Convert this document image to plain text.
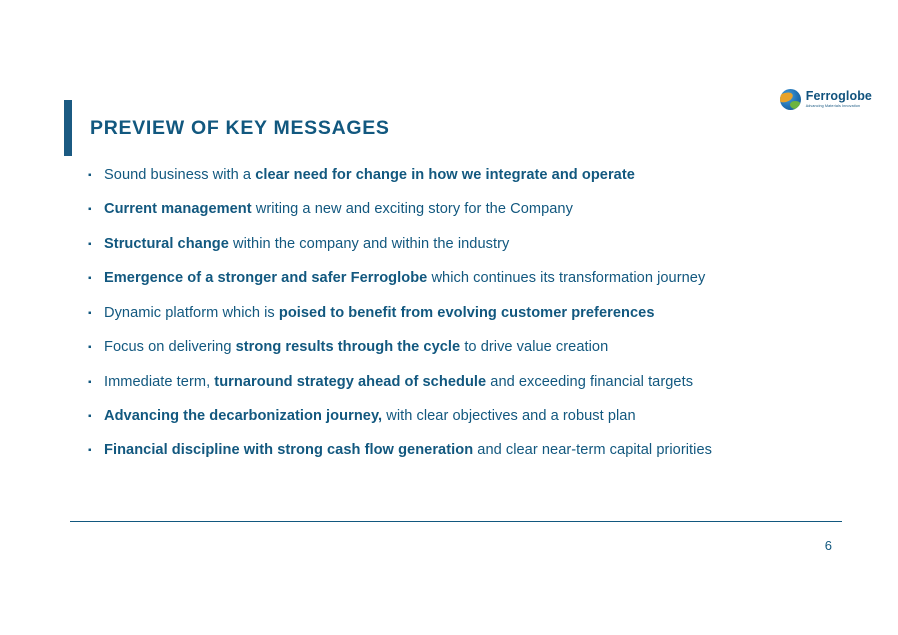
Ferroglobe
Advancing Materials Innovation
PREVIEW OF KEY MESSAGES
▪ Sound business with a clear need for change in how we integrate and operate
▪ Current management writing a new and exciting story for the Company
▪ Structural change within the company and within the industry
▪ Emergence of a stronger and safer Ferroglobe which continues its transformation journey
▪ Dynamic platform which is poised to benefit from evolving customer preferences
▪ Focus on delivering strong results through the cycle to drive value creation
▪ Immediate term, turnaround strategy ahead of schedule and exceeding financial targets
▪ Advancing the decarbonization journey, with clear objectives and a robust plan
▪ Financial discipline with strong cash flow generation and clear near-term capital priorities
6
